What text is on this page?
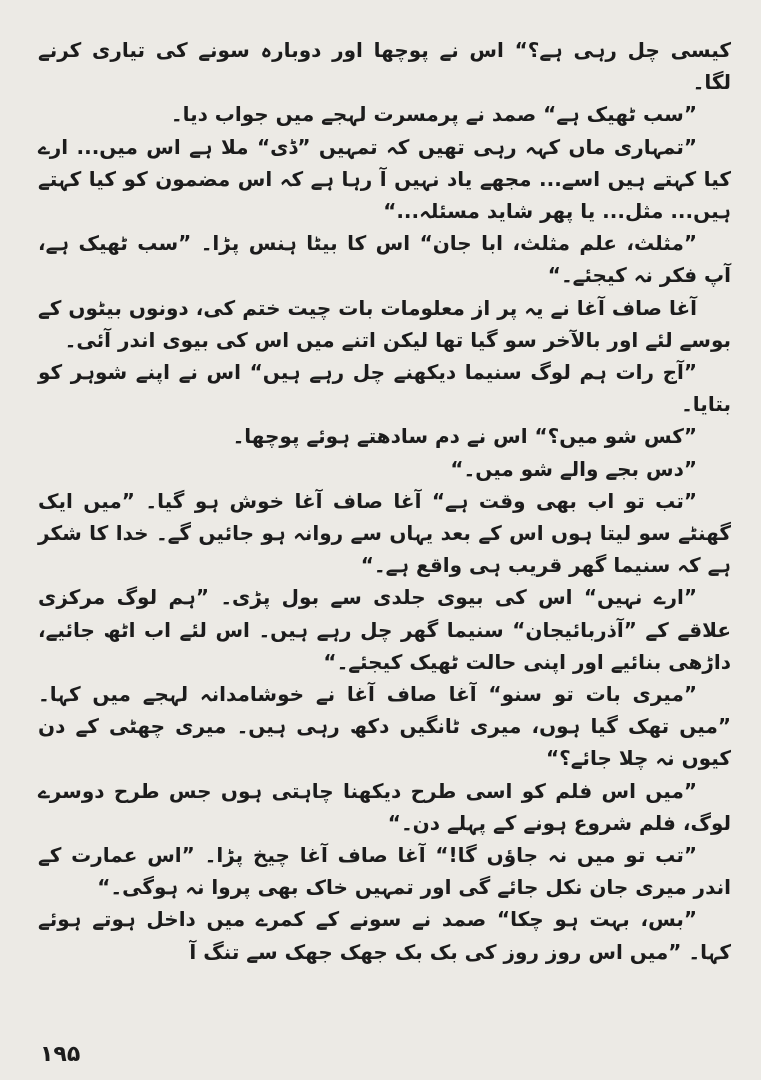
کیسی چل رہی ہے؟“ اس نے پوچھا اور دوبارہ سونے کی تیاری کرنے لگا۔

”سب ٹھیک ہے“ صمد نے پرمسرت لہجے میں جواب دیا۔

”تمہاری ماں کہہ رہی تھیں کہ تمہیں ”ڈی“ ملا ہے اس میں... ارے کیا کہتے ہیں اسے... مجھے یاد نہیں آ رہا ہے کہ اس مضمون کو کیا کہتے ہیں... مثل... یا پھر شاید مسئلہ...“

”مثلث، علم مثلث، ابا جان“ اس کا بیٹا ہنس پڑا۔ ”سب ٹھیک ہے، آپ فکر نہ کیجئے۔“

آغا صاف آغا نے یہ پر از معلومات بات چیت ختم کی، دونوں بیٹوں کے بوسے لئے اور بالآخر سو گیا تھا لیکن اتنے میں اس کی بیوی اندر آئی۔

”آج رات ہم لوگ سنیما دیکھنے چل رہے ہیں“ اس نے اپنے شوہر کو بتایا۔

”کس شو میں؟“ اس نے دم سادھتے ہوئے پوچھا۔

”دس بجے والے شو میں۔“

”تب تو اب بھی وقت ہے“ آغا صاف آغا خوش ہو گیا۔ ”میں ایک گھنٹے سو لیتا ہوں اس کے بعد یہاں سے روانہ ہو جائیں گے۔ خدا کا شکر ہے کہ سنیما گھر قریب ہی واقع ہے۔“

”ارے نہیں“ اس کی بیوی جلدی سے بول پڑی۔ ”ہم لوگ مرکزی علاقے کے ”آذربائیجان“ سنیما گھر چل رہے ہیں۔ اس لئے اب اٹھ جائیے، داڑھی بنائیے اور اپنی حالت ٹھیک کیجئے۔“

”میری بات تو سنو“ آغا صاف آغا نے خوشامدانہ لہجے میں کہا۔ ”میں تھک گیا ہوں، میری ٹانگیں دکھ رہی ہیں۔ میری چھٹی کے دن کیوں نہ چلا جائے؟“

”میں اس فلم کو اسی طرح دیکھنا چاہتی ہوں جس طرح دوسرے لوگ، فلم شروع ہونے کے پہلے دن۔“

”تب تو میں نہ جاؤں گا!“ آغا صاف آغا چیخ پڑا۔ ”اس عمارت کے اندر میری جان نکل جائے گی اور تمہیں خاک بھی پروا نہ ہوگی۔“

”بس، بہت ہو چکا“ صمد نے سونے کے کمرے میں داخل ہوتے ہوئے کہا۔ ”میں اس روز روز کی بک بک جھک جھک سے تنگ آ

۱۹۵
